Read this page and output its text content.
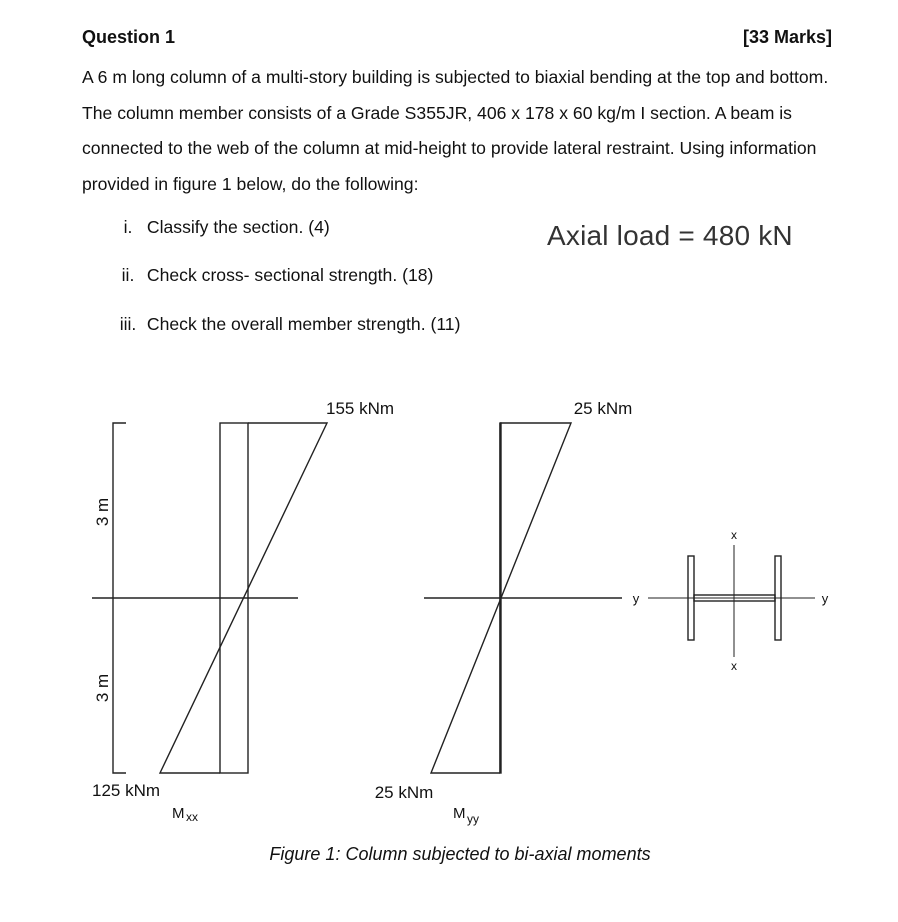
Question 1	[33 Marks]

A 6 m long column of a multi-story building is subjected to biaxial bending at the top and bottom. The column member consists of a Grade S355JR, 406 x 178 x 60 kg/m I section. A beam is connected to the web of the column at mid-height to provide lateral restraint. Using information provided in figure 1 below, do the following:

i. Classify the section. (4)
ii. Check cross- sectional strength. (18)
iii. Check the overall member strength. (11)
Axial load = 480 kN
155 kNm
125 kNm
25 kNm
25 kNm
3 m
3 m
M xx	M yy
y	y
x
x
Figure 1: Column subjected to bi-axial moments
